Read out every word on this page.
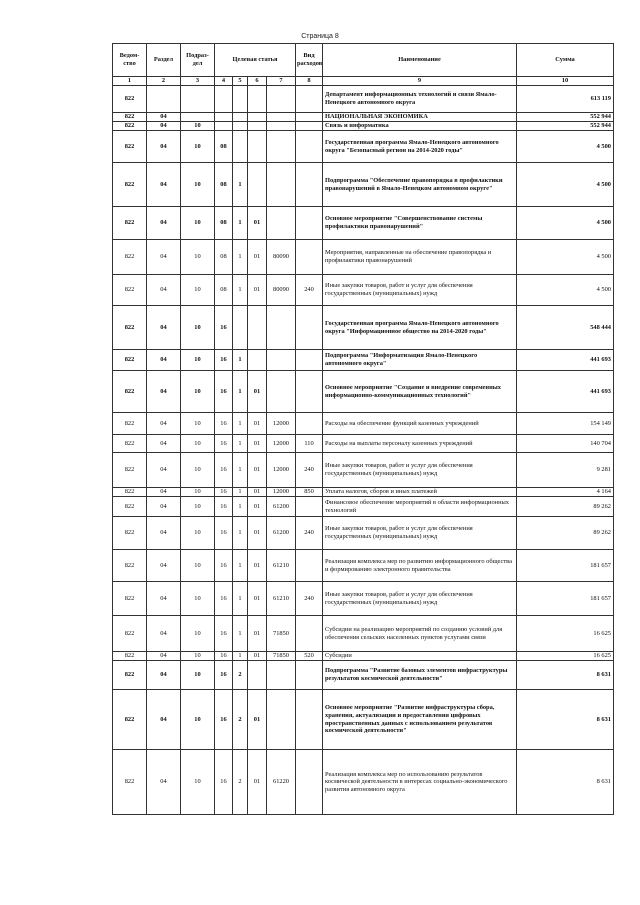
Страница 8
Ведом-ство	Раздел	Подраз-дел	Целевая статья				Вид расходов	Наименование	Сумма
1	2	3	4	5	6	7	8	9	10
822								Департамент информационных технологий и связи Ямало-Ненецкого автономного округа	613 119
822	04							НАЦИОНАЛЬНАЯ ЭКОНОМИКА	552 944
822	04	10						Связь и информатика	552 944
822	04	10	08					Государственная программа Ямало-Ненецкого автономного округа "Безопасный регион на 2014-2020 годы"	4 500
822	04	10	08	1				Подпрограмма "Обеспечение правопорядка в профилактики правонарушений в Ямало-Ненецком автономном округе"	4 500
822	04	10	08	1	01			Основное мероприятие "Совершенствование системы профилактики правонарушений"	4 500
822	04	10	08	1	01	80090		Мероприятия, направленные на обеспечение правопорядка и профилактики правонарушений	4 500
822	04	10	08	1	01	80090	240	Иные закупки товаров, работ и услуг для обеспечения государственных (муниципальных) нужд	4 500
822	04	10	16					Государственная программа Ямало-Ненецкого автономного округа "Информационное общество на 2014-2020 годы"	548 444
822	04	10	16	1				Подпрограмма "Информатизация Ямало-Ненецкого автономного округа"	441 693
822	04	10	16	1	01			Основное мероприятие "Создание и внедрение современных информационно-коммуникационных технологий"	441 693
822	04	10	16	1	01	12000		Расходы на обеспечение функций казенных учреждений	154 149
822	04	10	16	1	01	12000	110	Расходы на выплаты персоналу казенных учреждений	140 704
822	04	10	16	1	01	12000	240	Иные закупки товаров, работ и услуг для обеспечения государственных (муниципальных) нужд	9 281
822	04	10	16	1	01	12000	850	Уплата налогов, сборов и иных платежей	4 164
822	04	10	16	1	01	61200		Финансовое обеспечение мероприятий в области информационных технологий	89 262
822	04	10	16	1	01	61200	240	Иные закупки товаров, работ и услуг для обеспечения государственных (муниципальных) нужд	89 262
822	04	10	16	1	01	61210		Реализация комплекса мер по развитию информационного общества и формированию электронного правительства	181 657
822	04	10	16	1	01	61210	240	Иные закупки товаров, работ и услуг для обеспечения государственных (муниципальных) нужд	181 657
822	04	10	16	1	01	71850		Субсидии на реализацию мероприятий по созданию условий для обеспечения сельских населенных пунктов услугами связи	16 625
822	04	10	16	1	01	71850	520	Субсидии	16 625
822	04	10	16	2				Подпрограмма "Развитие базовых элементов инфраструктуры результатов космической деятельности"	8 631
822	04	10	16	2	01			Основное мероприятие "Развитие инфраструктуры сбора, хранения, актуализации и предоставления цифровых пространственных данных с использованием результатов космической деятельности"	8 631
822	04	10	16	2	01	61220		Реализация комплекса мер по использованию результатов космической деятельности в интересах социально-экономического развития автономного округа	8 631
